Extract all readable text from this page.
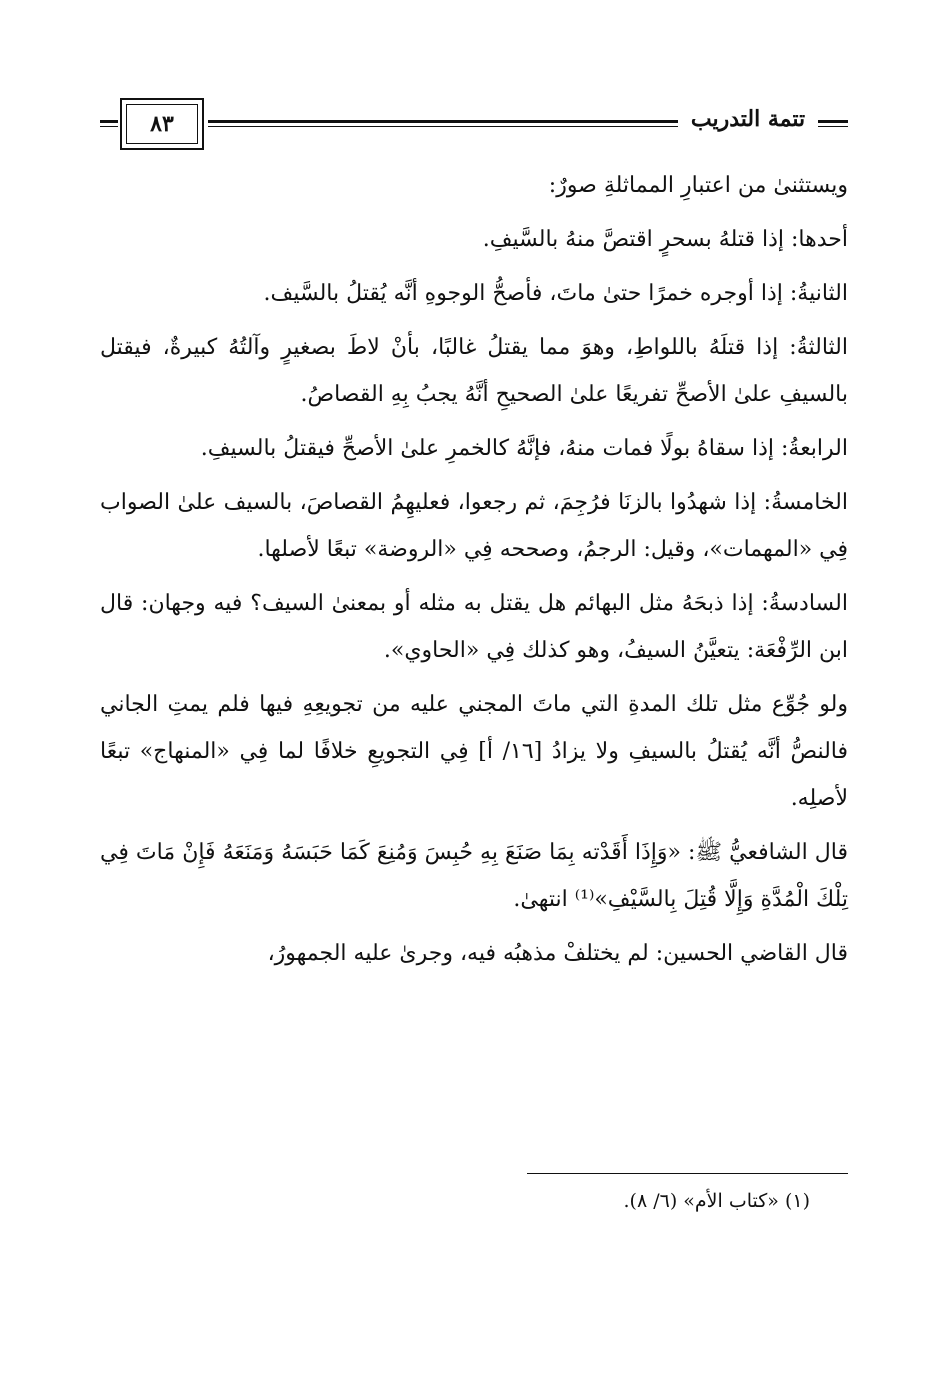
٨٣	تتمة التدريب

ويستثنىٰ من اعتبارِ المماثلةِ صورٌ:

أحدها: إذا قتلهُ بسحرٍ اقتصَّ منهُ بالسَّيفِ.

الثانيةُ: إذا أوجره خمرًا حتىٰ ماتَ، فأصحُّ الوجوهِ أنَّه يُقتلُ بالسَّيف.

الثالثةُ: إذا قتلَهُ باللواطِ، وهوَ مما يقتلُ غالبًا، بأنْ لاطَ بصغيرٍ وآلتُهُ كبيرةٌ، فيقتل بالسيفِ علىٰ الأصحِّ تفريعًا علىٰ الصحيحِ أنَّهُ يجبُ بِهِ القصاصُ.

الرابعةُ: إذا سقاهُ بولًا فمات منهُ، فإنَّهُ كالخمرِ علىٰ الأصحِّ فيقتلُ بالسيفِ.

الخامسةُ: إذا شهدُوا بالزنَا فرُجِمَ، ثم رجعوا، فعليهِمُ القصاصَ، بالسيف علىٰ الصواب فِي «المهمات»، وقيل: الرجمُ، وصححه فِي «الروضة» تبعًا لأصلها.

السادسةُ: إذا ذبحَهُ مثل البهائم هل يقتل به مثله أو بمعنىٰ السيف؟ فيه وجهان: قال ابن الرِّفْعَة: يتعيَّنُ السيفُ، وهو كذلك فِي «الحاوي».

ولو جُوِّع مثل تلك المدةِ التي ماتَ المجني عليه من تجويعِهِ فيها فلم يمتِ الجاني فالنصُّ أنَّه يُقتلُ بالسيفِ ولا يزادُ [١٦/ أ] فِي التجويعِ خلافًا لما فِي «المنهاج» تبعًا لأصلِه.

قال الشافعيُّ ﷺ: «وَإِذَا أَقَدْته بِمَا صَنَعَ بِهِ حُبِسَ وَمُنِعَ كَمَا حَبَسَهُ وَمَنَعَهُ فَإِنْ مَاتَ فِي تِلْكَ الْمُدَّةِ وَإِلَّا قُتِلَ بِالسَّيْفِ»⁽¹⁾ انتهىٰ.

قال القاضي الحسين: لم يختلفْ مذهبُه فيه، وجرىٰ عليه الجمهورُ،

(١) «كتاب الأم» (٦/ ٨).
